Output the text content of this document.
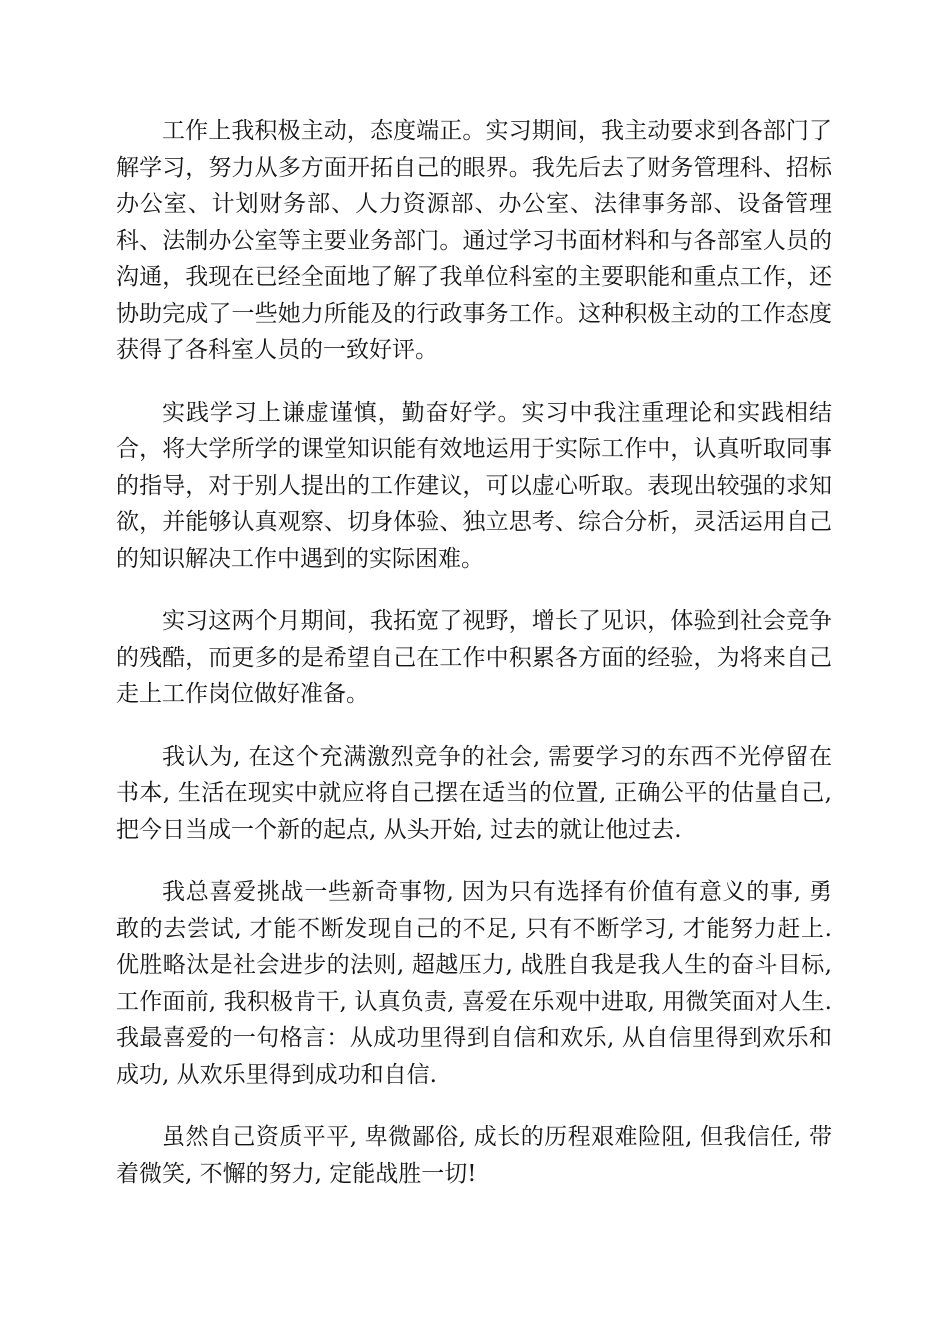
工作上我积极主动，态度端正。实习期间，我主动要求到各部门了解学习，努力从多方面开拓自己的眼界。我先后去了财务管理科、招标办公室、计划财务部、人力资源部、办公室、法律事务部、设备管理科、法制办公室等主要业务部门。通过学习书面材料和与各部室人员的沟通，我现在已经全面地了解了我单位科室的主要职能和重点工作，还协助完成了一些她力所能及的行政事务工作。这种积极主动的工作态度获得了各科室人员的一致好评。

实践学习上谦虚谨慎，勤奋好学。实习中我注重理论和实践相结合，将大学所学的课堂知识能有效地运用于实际工作中，认真听取同事的指导，对于别人提出的工作建议，可以虚心听取。表现出较强的求知欲，并能够认真观察、切身体验、独立思考、综合分析，灵活运用自己的知识解决工作中遇到的实际困难。

实习这两个月期间，我拓宽了视野，增长了见识，体验到社会竞争的残酷，而更多的是希望自己在工作中积累各方面的经验，为将来自己走上工作岗位做好准备。

我认为, 在这个充满激烈竞争的社会, 需要学习的东西不光停留在书本, 生活在现实中就应将自己摆在适当的位置, 正确公平的估量自己, 把今日当成一个新的起点, 从头开始, 过去的就让他过去.

我总喜爱挑战一些新奇事物, 因为只有选择有价值有意义的事, 勇敢的去尝试, 才能不断发现自己的不足, 只有不断学习, 才能努力赶上. 优胜略汰是社会进步的法则, 超越压力, 战胜自我是我人生的奋斗目标, 工作面前, 我积极肯干, 认真负责, 喜爱在乐观中进取, 用微笑面对人生. 我最喜爱的一句格言：从成功里得到自信和欢乐, 从自信里得到欢乐和成功, 从欢乐里得到成功和自信.

虽然自己资质平平, 卑微鄙俗, 成长的历程艰难险阻, 但我信任, 带着微笑, 不懈的努力, 定能战胜一切!
